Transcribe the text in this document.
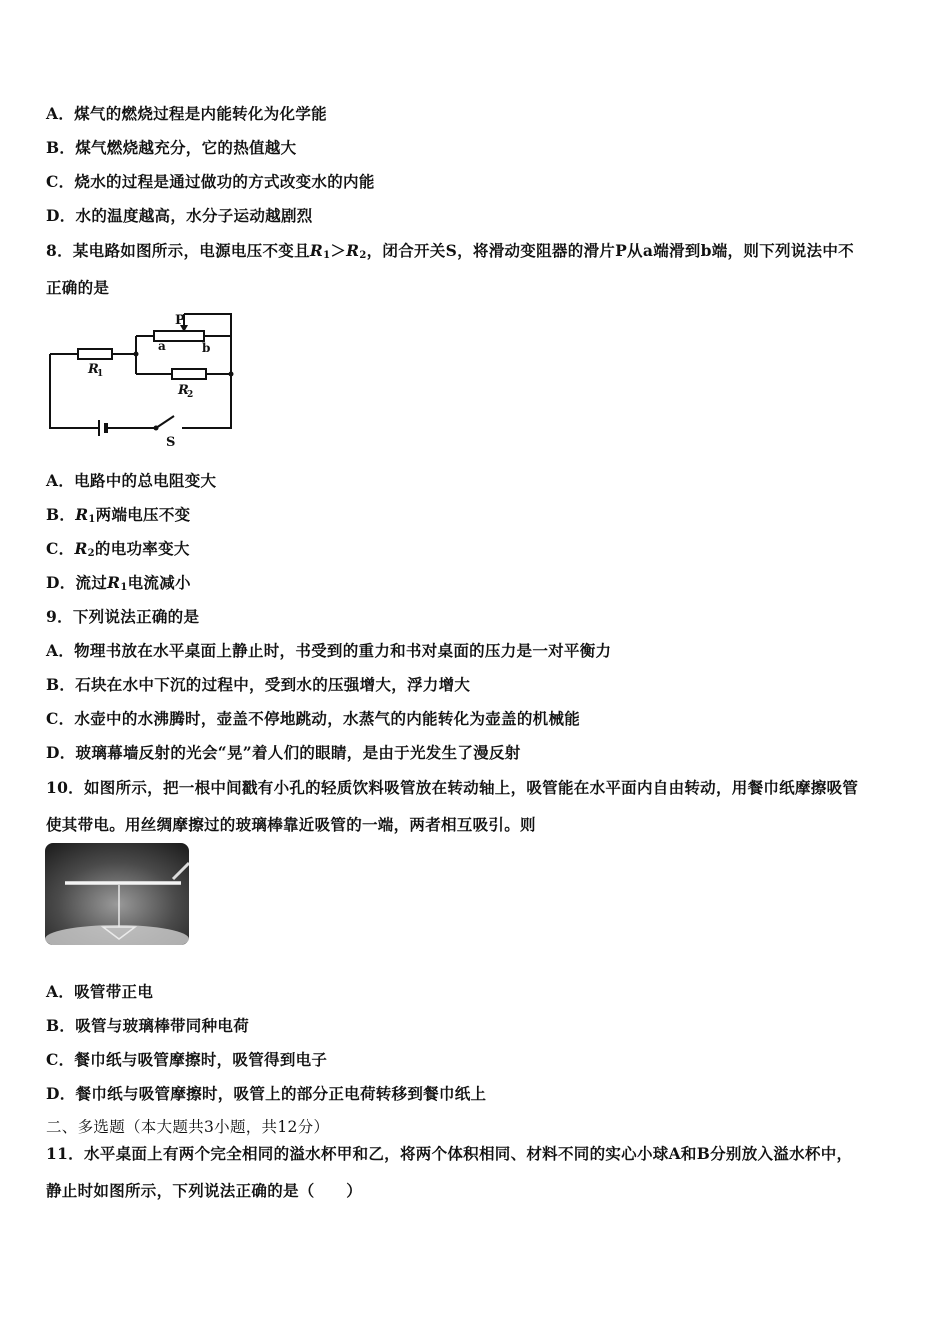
A．煤气的燃烧过程是内能转化为化学能
B．煤气燃烧越充分，它的热值越大
C．烧水的过程是通过做功的方式改变水的内能
D．水的温度越高，水分子运动越剧烈
8．某电路如图所示，电源电压不变且$R_1>R_2$，闭合开关S，将滑动变阻器的滑片P从a端滑到b端，则下列说法中不
正确的是
P
a	b
R
1
R
2
S
A．电路中的总电阻变大
B．$R_1$两端电压不变
C．$R_2$的电功率变大
D．流过$R_1$电流减小
9．下列说法正确的是
A．物理书放在水平桌面上静止时，书受到的重力和书对桌面的压力是一对平衡力
B．石块在水中下沉的过程中，受到水的压强增大，浮力增大
C．水壶中的水沸腾时，壶盖不停地跳动，水蒸气的内能转化为壶盖的机械能
D．玻璃幕墙反射的光会“晃”着人们的眼睛，是由于光发生了漫反射
10．如图所示，把一根中间戳有小孔的轻质饮料吸管放在转动轴上，吸管能在水平面内自由转动，用餐巾纸摩擦吸管
使其带电。用丝绸摩擦过的玻璃棒靠近吸管的一端，两者相互吸引。则
A．吸管带正电
B．吸管与玻璃棒带同种电荷
C．餐巾纸与吸管摩擦时，吸管得到电子
D．餐巾纸与吸管摩擦时，吸管上的部分正电荷转移到餐巾纸上
二、多选题（本大题共3小题，共12分）
11．水平桌面上有两个完全相同的溢水杯甲和乙，将两个体积相同、材料不同的实心小球A和B分别放入溢水杯中，
静止时如图所示，下列说法正确的是（　　）
